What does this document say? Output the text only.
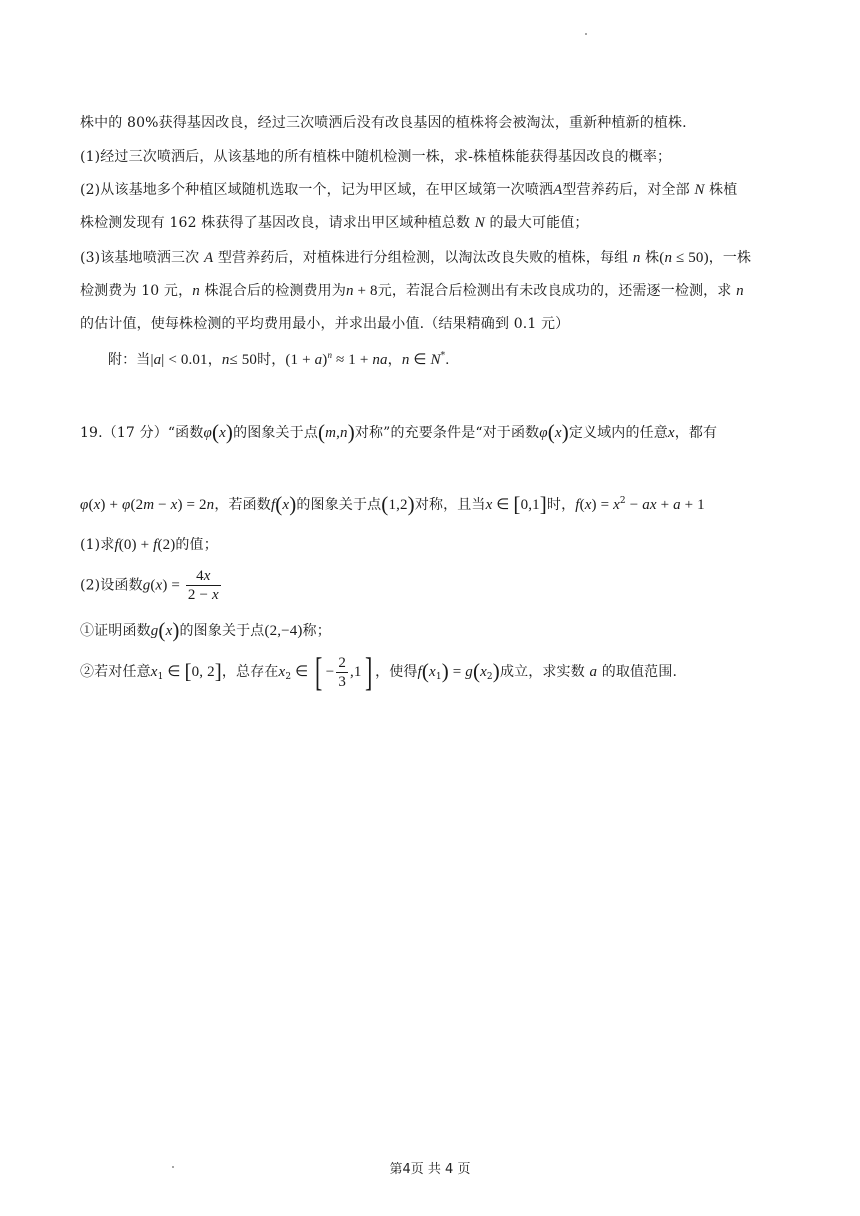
株中的 80%获得基因改良，经过三次喷洒后没有改良基因的植株将会被淘汰，重新种植新的植株.
(1)经过三次喷洒后，从该基地的所有植株中随机检测一株，求-株植株能获得基因改良的概率；
(2)从该基地多个种植区域随机选取一个，记为甲区域，在甲区域第一次喷洒A型营养药后，对全部 N 株植
株检测发现有 162 株获得了基因改良，请求出甲区域种植总数 N 的最大可能值；
(3)该基地喷洒三次 A 型营养药后，对植株进行分组检测，以淘汰改良失败的植株，每组 n 株(n ≤ 50)，一株
检测费为 10 元，n 株混合后的检测费用为n + 8元，若混合后检测出有未改良成功的，还需逐一检测，求 n
的估计值，使每株检测的平均费用最小，并求出最小值.（结果精确到 0.1 元）
附：当|a| < 0.01，n≤ 50时，$(1 + a)^n \approx 1$ + na，n ∈ N*.
19.（17 分）“函数φ(x)的图象关于点(m,n)对称”的充要条件是“对于函数φ(x)定义域内的任意x，都有
φ(x) + φ(2m − x) = 2n，若函数f(x)的图象关于点(1,2)对称，且当x ∈ [0,1]时，$f(x) = x^2$ − ax + a + 1
(1)求f(0) + f(2)的值；
(2)设函数$g(x) = \frac{4x}{2 - x}$
①证明函数g(x)的图象关于点(2,−4)称；
②若对任意$x_1$ ∈ [0, 2]，总存在$x_2$ ∈ [ − $\frac{2}{3} ,1$] ，使得$f(x_1) = g(x_2)$成立，求实数 a 的取值范围.
第4页 共 4 页
